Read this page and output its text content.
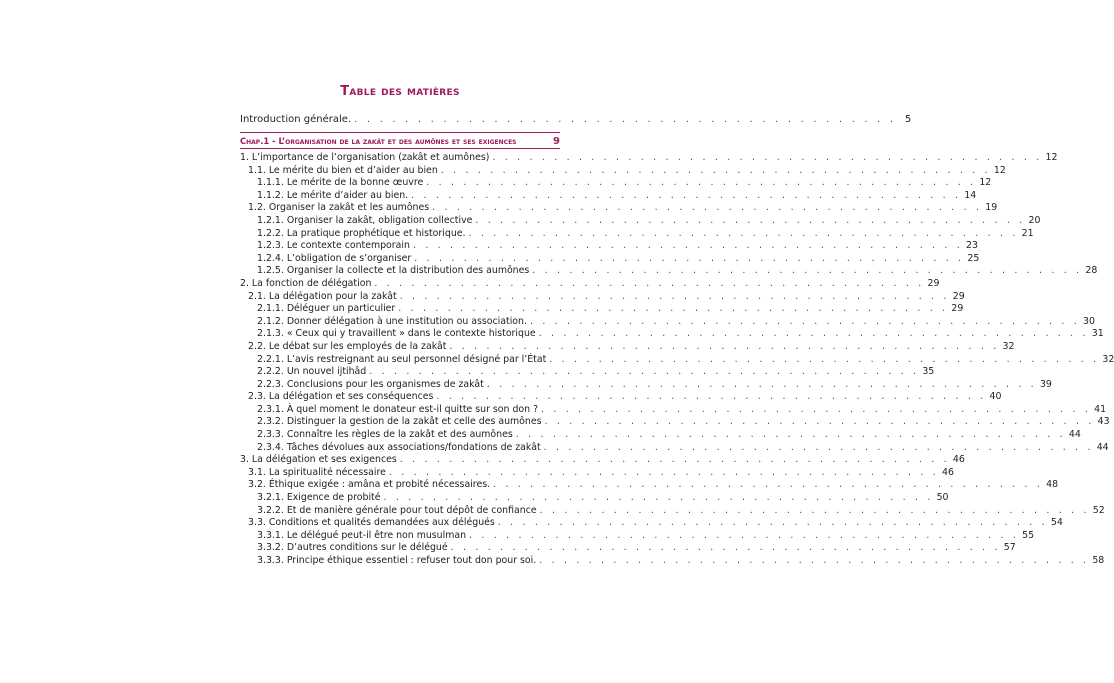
Table des matières
Introduction générale. . . . . . . . . . . . . . . . . . . . . . . . . . . . . . . . . . . . . . . . . . . . 5
Chap.1 - L’organisation de la zakât et des aumônes et ses exigences	9
1. L’importance de l’organisation (zakât et aumônes) . . . . . . . . . . . . . . . . . . . . . . . . . . . . . . . . . . . . . . . . . . . . . 12
1.1. Le mérite du bien et d’aider au bien . . . . . . . . . . . . . . . . . . . . . . . . . . . . . . . . . . . . . . . . . . . . . 12
1.1.1. Le mérite de la bonne œuvre . . . . . . . . . . . . . . . . . . . . . . . . . . . . . . . . . . . . . . . . . . . . . 12
1.1.2. Le mérite d’aider au bien. . . . . . . . . . . . . . . . . . . . . . . . . . . . . . . . . . . . . . . . . . . . . . 14
1.2. Organiser la zakât et les aumônes . . . . . . . . . . . . . . . . . . . . . . . . . . . . . . . . . . . . . . . . . . . . . 19
1.2.1. Organiser la zakât, obligation collective . . . . . . . . . . . . . . . . . . . . . . . . . . . . . . . . . . . . . . . . . . . . . 20
1.2.2. La pratique prophétique et historique. . . . . . . . . . . . . . . . . . . . . . . . . . . . . . . . . . . . . . . . . . . . . . 21
1.2.3. Le contexte contemporain . . . . . . . . . . . . . . . . . . . . . . . . . . . . . . . . . . . . . . . . . . . . . 23
1.2.4. L’obligation de s’organiser . . . . . . . . . . . . . . . . . . . . . . . . . . . . . . . . . . . . . . . . . . . . . 25
1.2.5. Organiser la collecte et la distribution des aumônes . . . . . . . . . . . . . . . . . . . . . . . . . . . . . . . . . . . . . . . . . . . . . 28
2. La fonction de délégation . . . . . . . . . . . . . . . . . . . . . . . . . . . . . . . . . . . . . . . . . . . . . 29
2.1. La délégation pour la zakât . . . . . . . . . . . . . . . . . . . . . . . . . . . . . . . . . . . . . . . . . . . . . 29
2.1.1. Déléguer un particulier . . . . . . . . . . . . . . . . . . . . . . . . . . . . . . . . . . . . . . . . . . . . . 29
2.1.2. Donner délégation à une institution ou association. . . . . . . . . . . . . . . . . . . . . . . . . . . . . . . . . . . . . . . . . . . . . . 30
2.1.3. « Ceux qui y travaillent » dans le contexte historique . . . . . . . . . . . . . . . . . . . . . . . . . . . . . . . . . . . . . . . . . . . . . 31
2.2. Le débat sur les employés de la zakât . . . . . . . . . . . . . . . . . . . . . . . . . . . . . . . . . . . . . . . . . . . . . 32
2.2.1. L’avis restreignant au seul personnel désigné par l’État . . . . . . . . . . . . . . . . . . . . . . . . . . . . . . . . . . . . . . . . . . . . . 32
2.2.2. Un nouvel ijtihâd . . . . . . . . . . . . . . . . . . . . . . . . . . . . . . . . . . . . . . . . . . . . . 35
2.2.3. Conclusions pour les organismes de zakât . . . . . . . . . . . . . . . . . . . . . . . . . . . . . . . . . . . . . . . . . . . . . 39
2.3. La délégation et ses conséquences . . . . . . . . . . . . . . . . . . . . . . . . . . . . . . . . . . . . . . . . . . . . . 40
2.3.1. À quel moment le donateur est-il quitte sur son don ? . . . . . . . . . . . . . . . . . . . . . . . . . . . . . . . . . . . . . . . . . . . . . 41
2.3.2. Distinguer la gestion de la zakât et celle des aumônes . . . . . . . . . . . . . . . . . . . . . . . . . . . . . . . . . . . . . . . . . . . . . 43
2.3.3. Connaître les règles de la zakât et des aumônes . . . . . . . . . . . . . . . . . . . . . . . . . . . . . . . . . . . . . . . . . . . . . 44
2.3.4. Tâches dévolues aux associations/fondations de zakât . . . . . . . . . . . . . . . . . . . . . . . . . . . . . . . . . . . . . . . . . . . . . 44
3. La délégation et ses exigences . . . . . . . . . . . . . . . . . . . . . . . . . . . . . . . . . . . . . . . . . . . . . 46
3.1. La spiritualité nécessaire . . . . . . . . . . . . . . . . . . . . . . . . . . . . . . . . . . . . . . . . . . . . . 46
3.2. Éthique exigée : amâna et probité nécessaires. . . . . . . . . . . . . . . . . . . . . . . . . . . . . . . . . . . . . . . . . . . . . . 48
3.2.1. Exigence de probité . . . . . . . . . . . . . . . . . . . . . . . . . . . . . . . . . . . . . . . . . . . . . 50
3.2.2. Et de manière générale pour tout dépôt de confiance . . . . . . . . . . . . . . . . . . . . . . . . . . . . . . . . . . . . . . . . . . . . . 52
3.3. Conditions et qualités demandées aux délégués . . . . . . . . . . . . . . . . . . . . . . . . . . . . . . . . . . . . . . . . . . . . . 54
3.3.1. Le délégué peut-il être non musulman . . . . . . . . . . . . . . . . . . . . . . . . . . . . . . . . . . . . . . . . . . . . . 55
3.3.2. D’autres conditions sur le délégué . . . . . . . . . . . . . . . . . . . . . . . . . . . . . . . . . . . . . . . . . . . . . 57
3.3.3. Principe éthique essentiel : refuser tout don pour soi. . . . . . . . . . . . . . . . . . . . . . . . . . . . . . . . . . . . . . . . . . . . . . 58
